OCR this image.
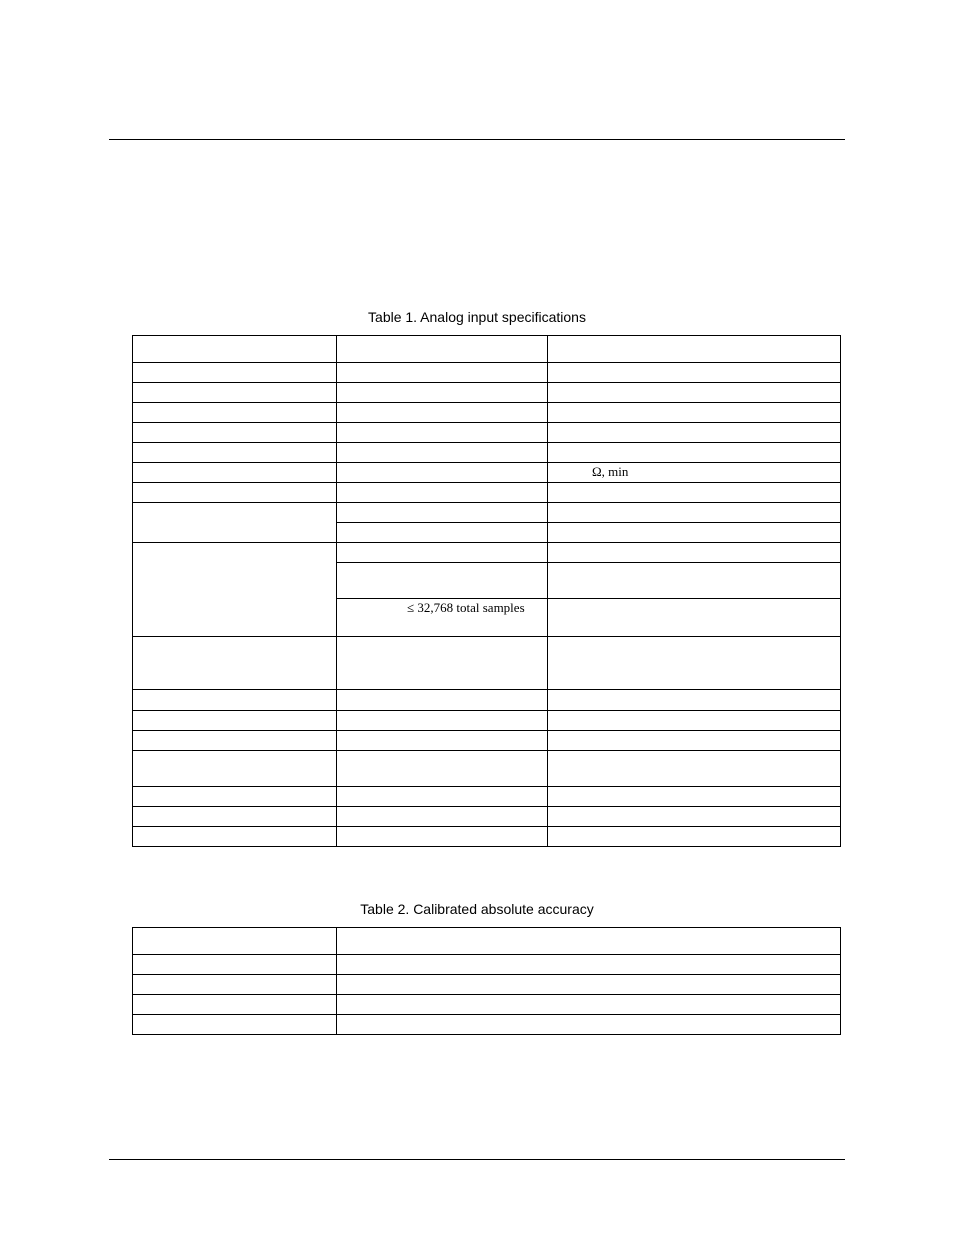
Table 1. Analog input specifications

		Ω, min

	≤ 32,768 total samples	

Table 2. Calibrated absolute accuracy
